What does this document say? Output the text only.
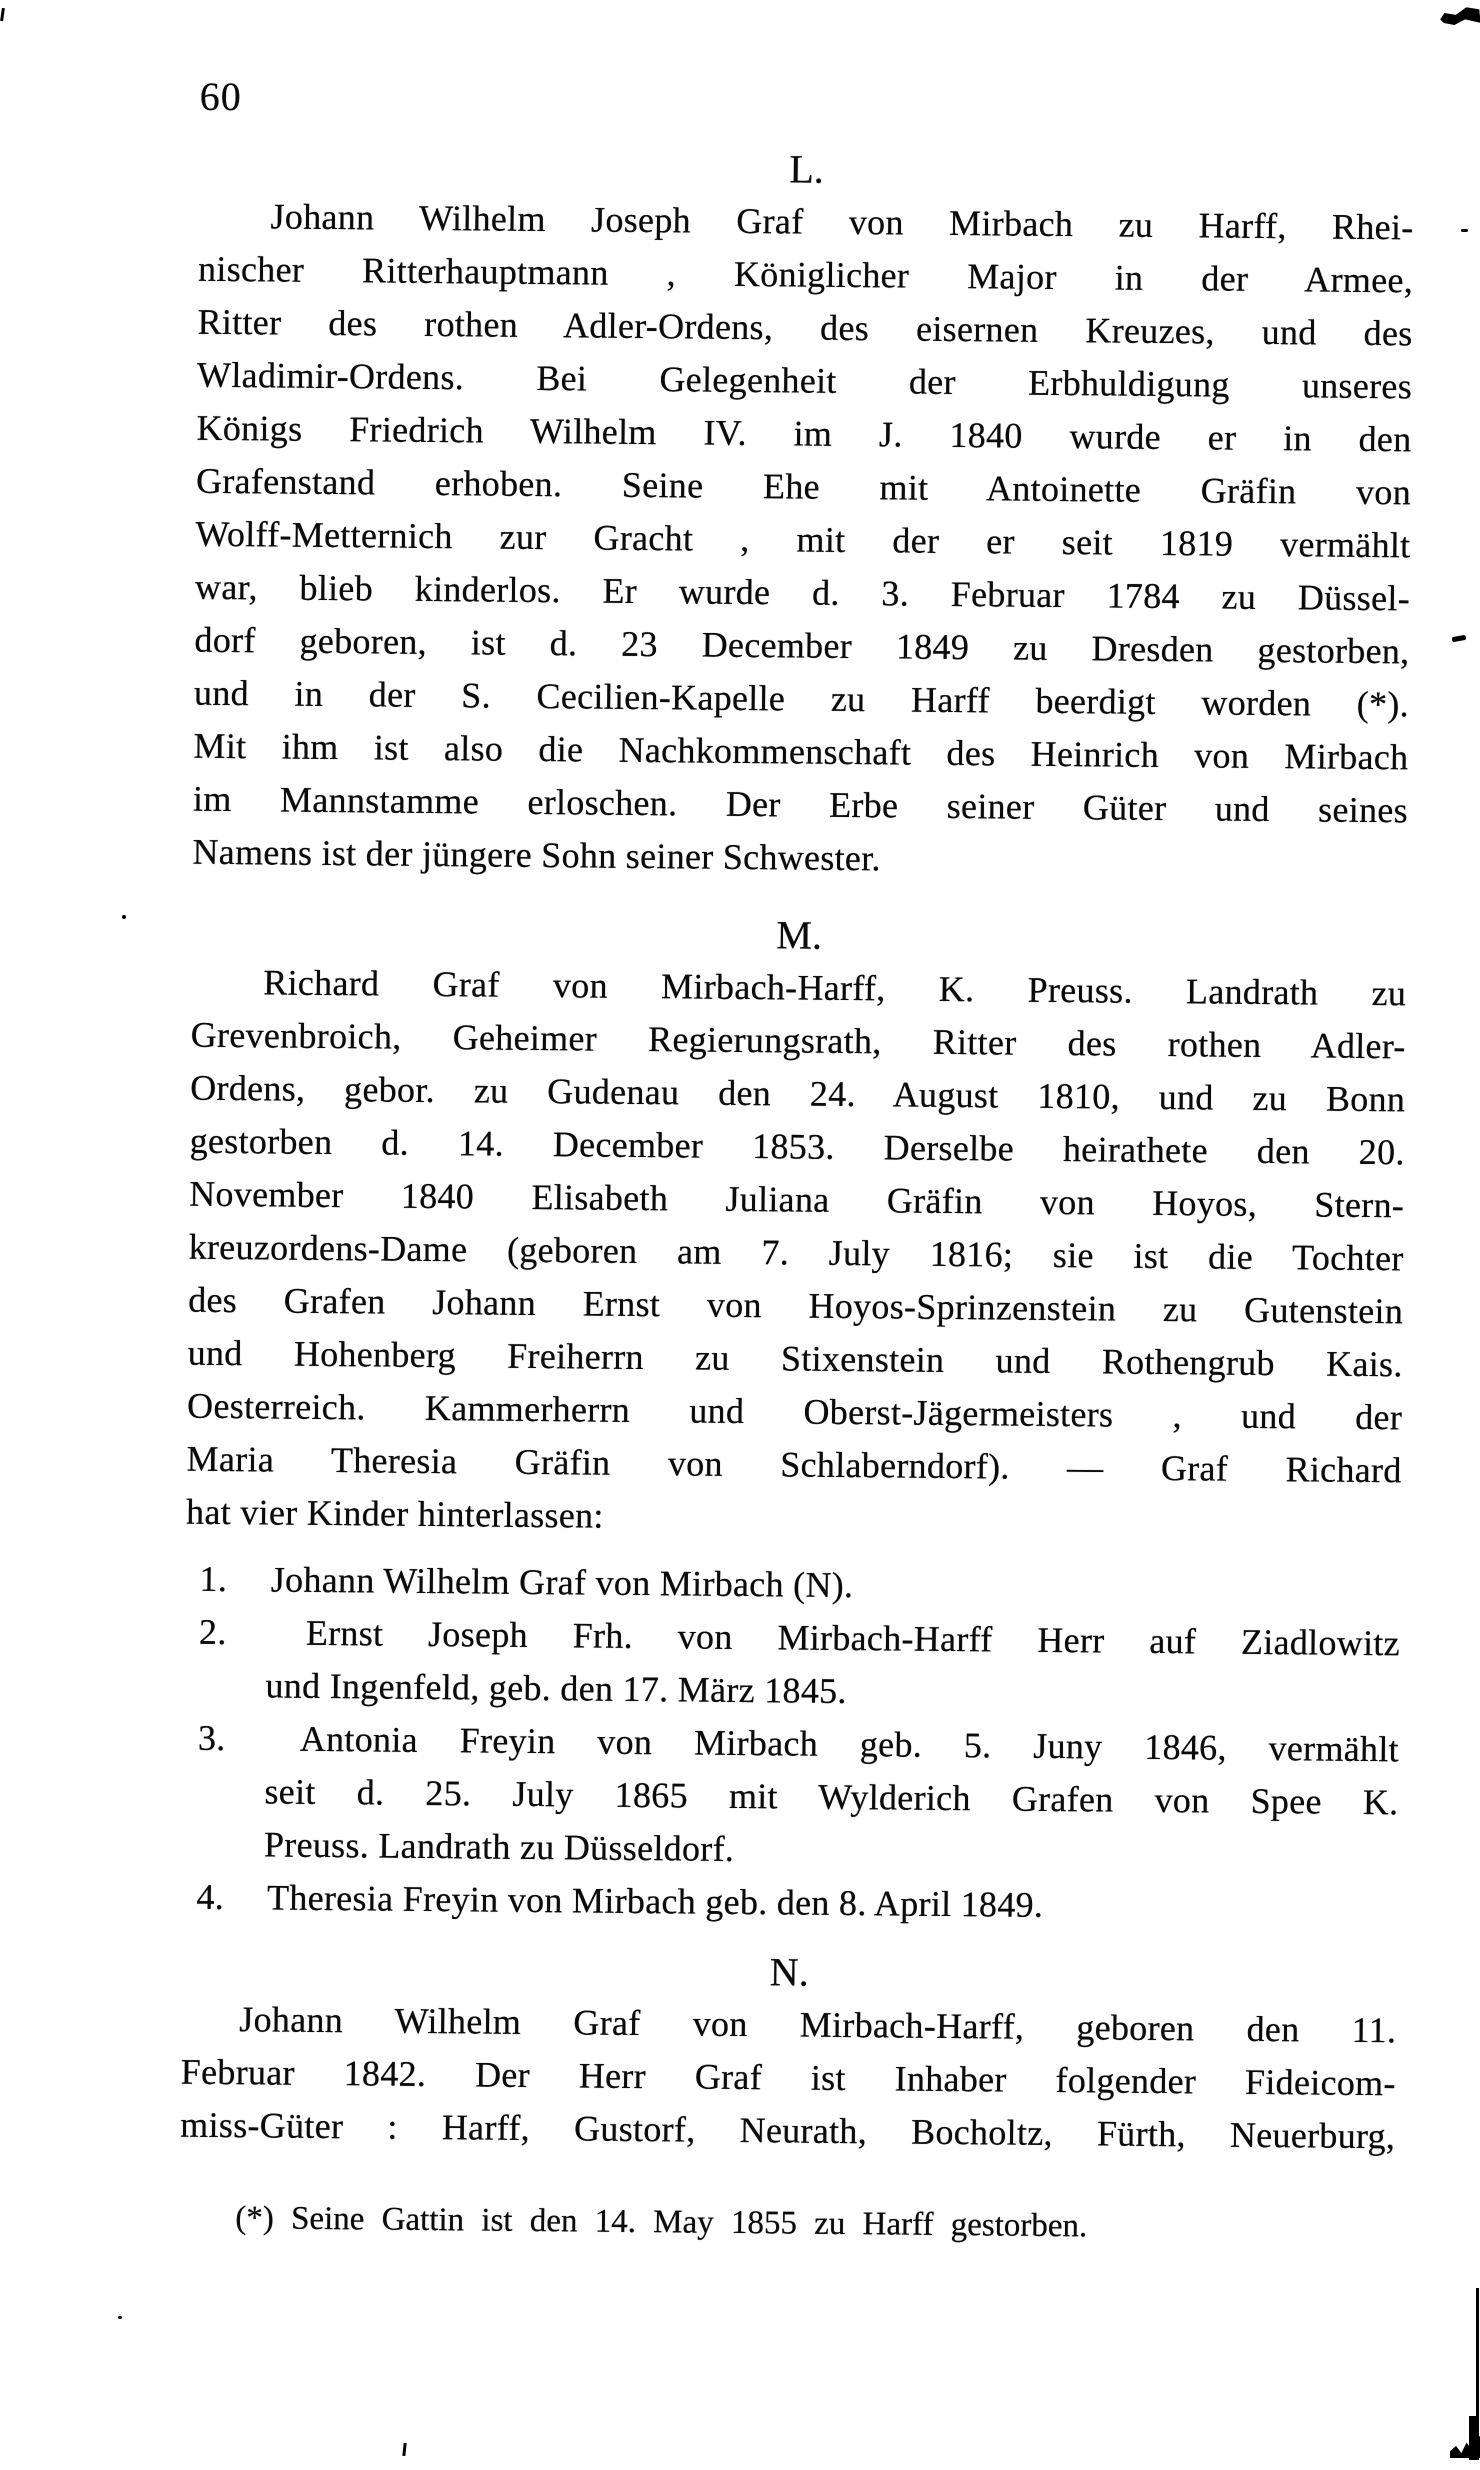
60
L.
Johann Wilhelm Joseph Graf von Mirbach zu Harff, Rhei-
nischer Ritterhauptmann , Königlicher Major in der Armee,
Ritter des rothen Adler-Ordens, des eisernen Kreuzes, und des
Wladimir-Ordens. Bei Gelegenheit der Erbhuldigung unseres
Königs Friedrich Wilhelm IV. im J. 1840 wurde er in den
Grafenstand erhoben. Seine Ehe mit Antoinette Gräfin von
Wolff-Metternich zur Gracht , mit der er seit 1819 vermählt
war, blieb kinderlos. Er wurde d. 3. Februar 1784 zu Düssel-
dorf geboren, ist d. 23 December 1849 zu Dresden gestorben,
und in der S. Cecilien-Kapelle zu Harff beerdigt worden (*).
Mit ihm ist also die Nachkommenschaft des Heinrich von Mirbach
im Mannstamme erloschen. Der Erbe seiner Güter und seines
Namens ist der jüngere Sohn seiner Schwester.
M.
Richard Graf von Mirbach-Harff, K. Preuss. Landrath zu
Grevenbroich, Geheimer Regierungsrath, Ritter des rothen Adler-
Ordens, gebor. zu Gudenau den 24. August 1810, und zu Bonn
gestorben d. 14. December 1853. Derselbe heirathete den 20.
November 1840 Elisabeth Juliana Gräfin von Hoyos, Stern-
kreuzordens-Dame (geboren am 7. July 1816; sie ist die Tochter
des Grafen Johann Ernst von Hoyos-Sprinzenstein zu Gutenstein
und Hohenberg Freiherrn zu Stixenstein und Rothengrub Kais.
Oesterreich. Kammerherrn und Oberst-Jägermeisters , und der
Maria Theresia Gräfin von Schlaberndorf). — Graf Richard
hat vier Kinder hinterlassen:
1. Johann Wilhelm Graf von Mirbach (N).
2. Ernst Joseph Frh. von Mirbach-Harff Herr auf Ziadlowitz
und Ingenfeld, geb. den 17. März 1845.
3. Antonia Freyin von Mirbach geb. 5. Juny 1846, vermählt
seit d. 25. July 1865 mit Wylderich Grafen von Spee K.
Preuss. Landrath zu Düsseldorf.
4. Theresia Freyin von Mirbach geb. den 8. April 1849.
N.
Johann Wilhelm Graf von Mirbach-Harff, geboren den 11.
Februar 1842. Der Herr Graf ist Inhaber folgender Fideicom-
miss-Güter : Harff, Gustorf, Neurath, Bocholtz, Fürth, Neuerburg,
(*) Seine Gattin ist den 14. May 1855 zu Harff gestorben.
